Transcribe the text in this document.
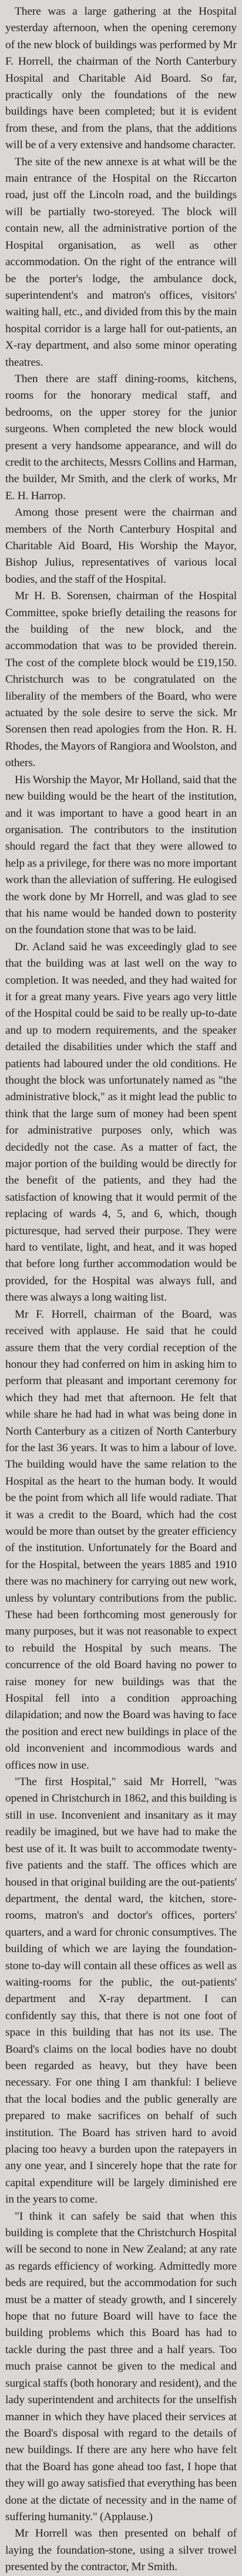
There was a large gathering at the Hospital yesterday afternoon, when the opening ceremony of the new block of buildings was performed by Mr F. Horrell, the chairman of the North Canterbury Hospital and Charitable Aid Board. So far, practically only the foundations of the new buildings have been completed; but it is evident from these, and from the plans, that the additions will be of a very extensive and handsome character.

The site of the new annexe is at what will be the main entrance of the Hospital on the Riccarton road, just off the Lincoln road, and the buildings will be partially two-storeyed. The block will contain new, all the administrative portion of the Hospital organisation, as well as other accommodation. On the right of the entrance will be the porter's lodge, the ambulance dock, superintendent's and matron's offices, visitors' waiting hall, etc., and divided from this by the main hospital corridor is a large hall for out-patients, an X-ray department, and also some minor operating theatres.

Then there are staff dining-rooms, kitchens, rooms for the honorary medical staff, and bedrooms, on the upper storey for the junior surgeons. When completed the new block would present a very handsome appearance, and will do credit to the architects, Messrs Collins and Harman, the builder, Mr Smith, and the clerk of works, Mr E. H. Harrop.

Among those present were the chairman and members of the North Canterbury Hospital and Charitable Aid Board, His Worship the Mayor, Bishop Julius, representatives of various local bodies, and the staff of the Hospital.

Mr H. B. Sorensen, chairman of the Hospital Committee, spoke briefly detailing the reasons for the building of the new block, and the accommodation that was to be provided therein. The cost of the complete block would be £19,150. Christchurch was to be congratulated on the liberality of the members of the Board, who were actuated by the sole desire to serve the sick. Mr Sorensen then read apologies from the Hon. R. H. Rhodes, the Mayors of Rangiora and Woolston, and others.

His Worship the Mayor, Mr Holland, said that the new building would be the heart of the institution, and it was important to have a good heart in an organisation. The contributors to the institution should regard the fact that they were allowed to help as a privilege, for there was no more important work than the alleviation of suffering. He eulogised the work done by Mr Horrell, and was glad to see that his name would be handed down to posterity on the foundation stone that was to be laid.

Dr. Acland said he was exceedingly glad to see that the building was at last well on the way to completion. It was needed, and they had waited for it for a great many years. Five years ago very little of the Hospital could be said to be really up-to-date and up to modern requirements, and the speaker detailed the disabilities under which the staff and patients had laboured under the old conditions. He thought the block was unfortunately named as "the administrative block," as it might lead the public to think that the large sum of money had been spent for administrative purposes only, which was decidedly not the case. As a matter of fact, the major portion of the building would be directly for the benefit of the patients, and they had the satisfaction of knowing that it would permit of the replacing of wards 4, 5, and 6, which, though picturesque, had served their purpose. They were hard to ventilate, light, and heat, and it was hoped that before long further accommodation would be provided, for the Hospital was always full, and there was always a long waiting list.

Mr F. Horrell, chairman of the Board, was received with applause. He said that he could assure them that the very cordial reception of the honour they had conferred on him in asking him to perform that pleasant and important ceremony for which they had met that afternoon. He felt that while share he had had in what was being done in North Canterbury as a citizen of North Canterbury for the last 36 years. It was to him a labour of love. The building would have the same relation to the Hospital as the heart to the human body. It would be the point from which all life would radiate. That it was a credit to the Board, which had the cost would be more than outset by the greater efficiency of the institution. Unfortunately for the Board and for the Hospital, between the years 1885 and 1910 there was no machinery for carrying out new work, unless by voluntary contributions from the public. These had been forthcoming most generously for many purposes, but it was not reasonable to expect to rebuild the Hospital by such means. The concurrence of the old Board having no power to raise money for new buildings was that the Hospital fell into a condition approaching dilapidation; and now the Board was having to face the position and erect new buildings in place of the old inconvenient and incommodious wards and offices now in use.

"The first Hospital," said Mr Horrell, "was opened in Christchurch in 1862, and this building is still in use. Inconvenient and insanitary as it may readily be imagined, but we have had to make the best use of it. It was built to accommodate twenty-five patients and the staff. The offices which are housed in that original building are the out-patients' department, the dental ward, the kitchen, store-rooms, matron's and doctor's offices, porters' quarters, and a ward for chronic consumptives. The building of which we are laying the foundation-stone to-day will contain all these offices as well as waiting-rooms for the public, the out-patients' department and X-ray department. I can confidently say this, that there is not one foot of space in this building that has not its use. The Board's claims on the local bodies have no doubt been regarded as heavy, but they have been necessary. For one thing I am thankful: I believe that the local bodies and the public generally are prepared to make sacrifices on behalf of such institution. The Board has striven hard to avoid placing too heavy a burden upon the ratepayers in any one year, and I sincerely hope that the rate for capital expenditure will be largely diminished ere in the years to come.

"I think it can safely be said that when this building is complete that the Christchurch Hospital will be second to none in New Zealand; at any rate as regards efficiency of working. Admittedly more beds are required, but the accommodation for such must be a matter of steady growth, and I sincerely hope that no future Board will have to face the building problems which this Board has had to tackle during the past three and a half years. Too much praise cannot be given to the medical and surgical staffs (both honorary and resident), and the lady superintendent and architects for the unselfish manner in which they have placed their services at the Board's disposal with regard to the details of new buildings. If there are any here who have felt that the Board has gone ahead too fast, I hope that they will go away satisfied that everything has been done at the dictate of necessity and in the name of suffering humanity." (Applause.)

Mr Horrell was then presented on behalf of laying the foundation-stone, using a silver trowel presented by the contractor, Mr Smith.
